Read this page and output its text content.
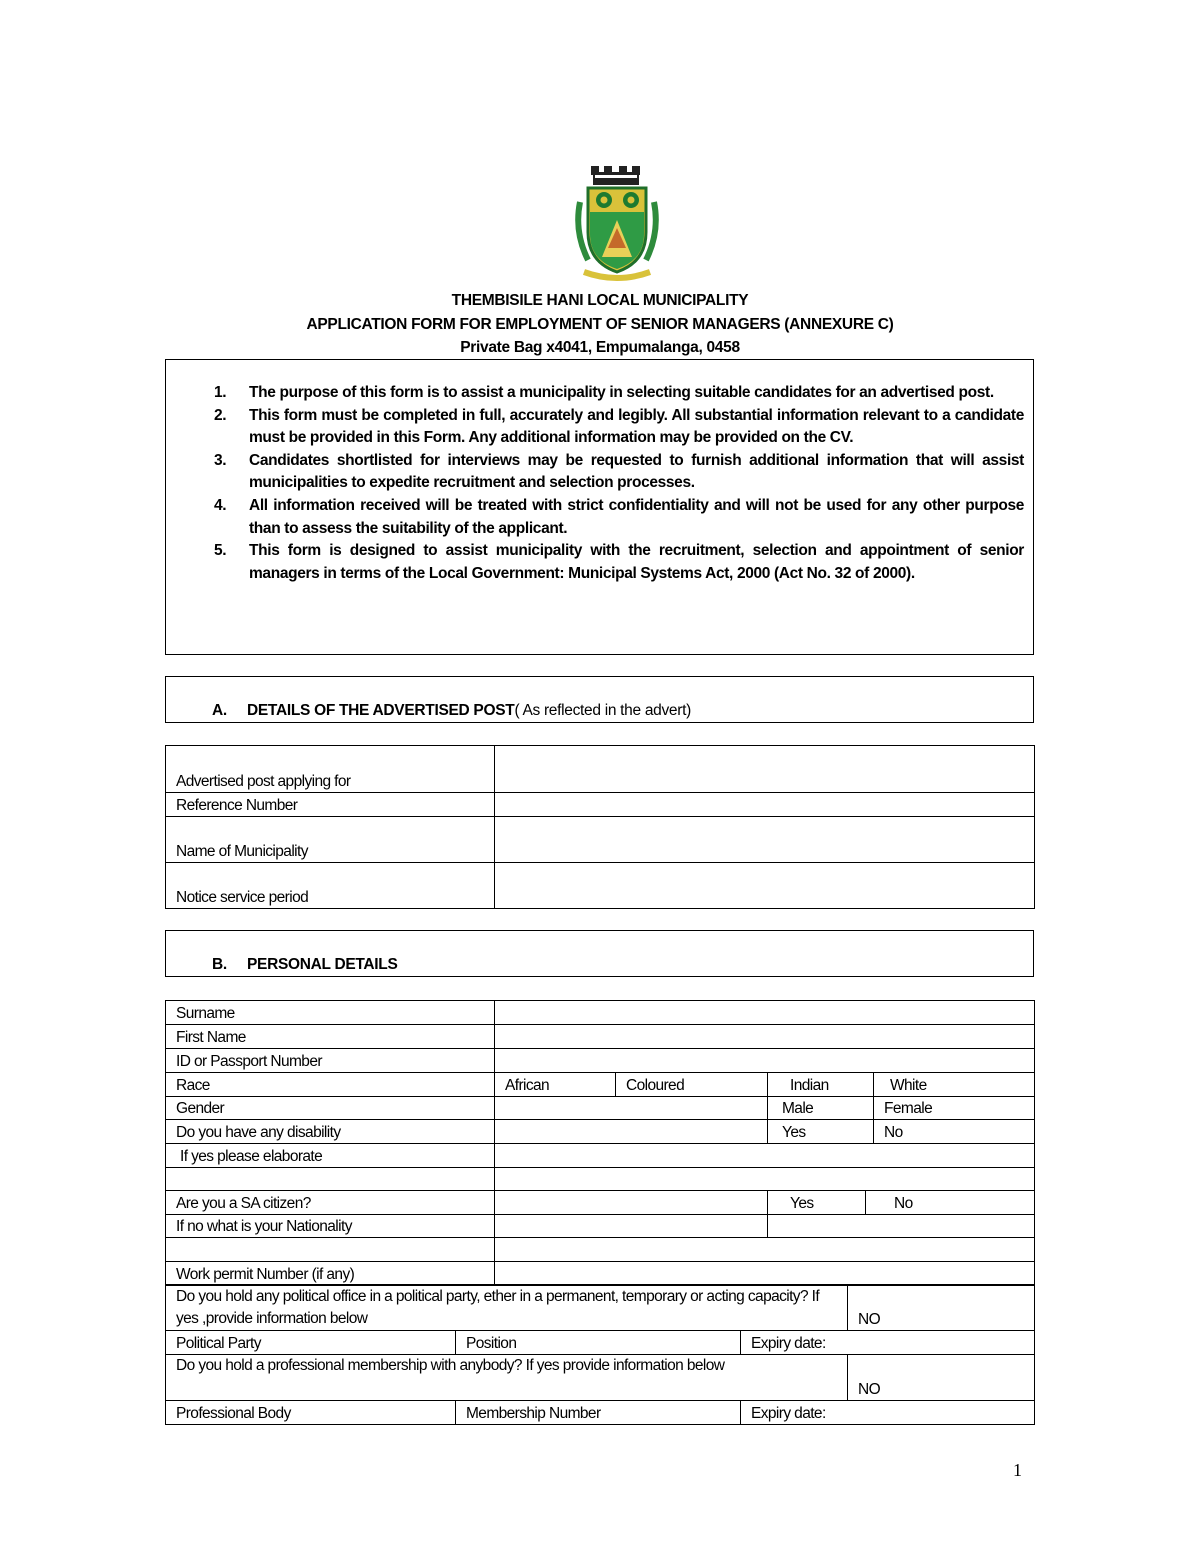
THEMBISILE HANI LOCAL MUNICIPALITY
APPLICATION FORM FOR EMPLOYMENT OF SENIOR MANAGERS (ANNEXURE C)
Private Bag x4041, Empumalanga, 0458
1. The purpose of this form is to assist a municipality in selecting suitable candidates for an advertised post.
2. This form must be completed in full, accurately and legibly. All substantial information relevant to a candidate must be provided in this Form. Any additional information may be provided on the CV.
3. Candidates shortlisted for interviews may be requested to furnish additional information that will assist municipalities to expedite recruitment and selection processes.
4. All information received will be treated with strict confidentiality and will not be used for any other purpose than to assess the suitability of the applicant.
5. This form is designed to assist municipality with the recruitment, selection and appointment of senior managers in terms of the Local Government: Municipal Systems Act, 2000 (Act No. 32 of 2000).
A. DETAILS OF THE ADVERTISED POST( As reflected in the advert)
Advertised post applying for	
Reference Number	
Name of Municipality	
Notice service period	
B. PERSONAL DETAILS
Surname				
First Name				
ID or Passport Number				
Race	African	Coloured	Indian	White
Gender			Male	Female
Do you have any disability			Yes	No
If yes please elaborate				

Are you a SA citizen?		Yes	No
If no what is your Nationality			

Work permit Number (if any)			
Do you hold any political office in a political party, ether in a permanent, temporary or acting capacity? If yes ,provide information below			NO
Political Party	Position	Expiry date:	
Do you hold a professional membership with anybody? If yes provide information below			NO
Professional Body	Membership Number	Expiry date:	
1
